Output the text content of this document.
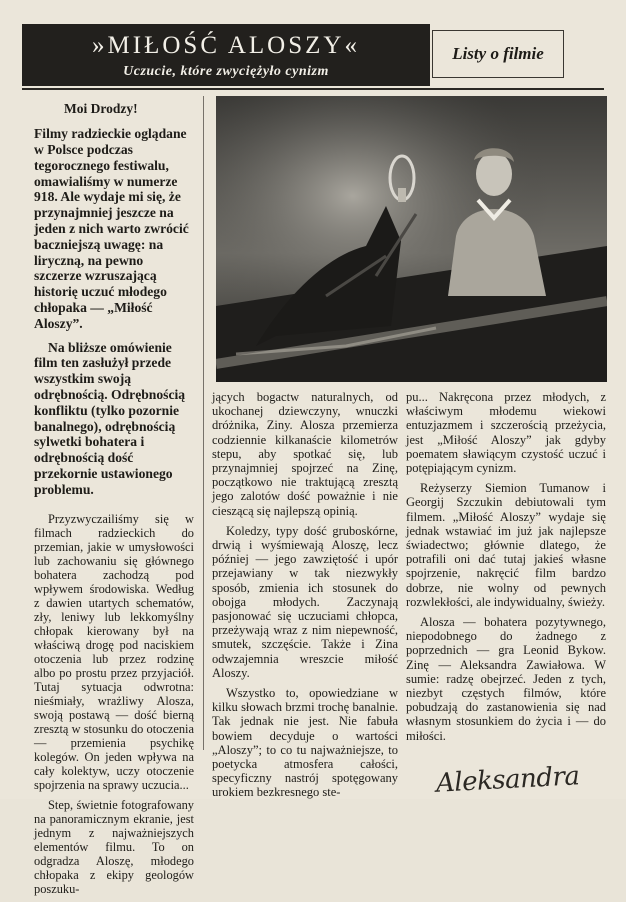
»MIŁOŚĆ ALOSZY«
Uczucie, które zwyciężyło cynizm
Listy o filmie
Moi Drodzy!

Filmy radzieckie oglądane w Polsce podczas tegorocznego festiwalu, omawialiśmy w numerze 918. Ale wydaje mi się, że przynajmniej jeszcze na jeden z nich warto zwrócić baczniejszą uwagę: na liryczną, na pewno szczerze wzruszającą historię uczuć młodego chłopaka — „Miłość Aloszy”.

Na bliższe omówienie film ten zasłużył przede wszystkim swoją odrębnością. Odrębnością konfliktu (tylko pozornie banalnego), odrębnością sylwetki bohatera i odrębnością dość przekornie ustawionego problemu.

Przyzwyczailiśmy się w filmach radzieckich do przemian, jakie w umysłowości lub zachowaniu się głównego bohatera zachodzą pod wpływem środowiska. Według z dawien utartych schematów, zły, leniwy lub lekkomyślny chłopak kierowany był na właściwą drogę pod naciskiem otoczenia lub przez rodzinę albo po prostu przez przyjaciół. Tutaj sytuacja odwrotna: nieśmiały, wrażliwy Alosza, swoją postawą — dość bierną zresztą w stosunku do otoczenia — przemienia psychikę kolegów. On jeden wpływa na cały kolektyw, uczy otoczenie spojrzenia na sprawy uczucia...

Step, świetnie fotografowany na panoramicznym ekranie, jest jednym z najważniejszych elementów filmu. To on odgradza Aloszę, młodego chłopaka z ekipy geologów poszuku-

jących bogactw naturalnych, od ukochanej dziewczyny, wnuczki dróżnika, Ziny. Alosza przemierza codziennie kilkanaście kilometrów stepu, aby spotkać się, lub przynajmniej spojrzeć na Zinę, początkowo nie traktującą zresztą jego zalotów dość poważnie i nie cieszącą się najlepszą opinią.

Koledzy, typy dość gruboskórne, drwią i wyśmiewają Aloszę, lecz później — jego zawziętość i upór przejawiany w tak niezwykły sposób, zmienia ich stosunek do obojga młodych. Zaczynają pasjonować się uczuciami chłopca, przeżywają wraz z nim niepewność, smutek, szczęście. Także i Zina odwzajemnia wreszcie miłość Aloszy.

Wszystko to, opowiedziane w kilku słowach brzmi trochę banalnie. Tak jednak nie jest. Nie fabuła bowiem decyduje o wartości „Aloszy”; to co tu najważniejsze, to poetycka atmosfera całości, specyficzny nastrój spotęgowany urokiem bezkresnego ste-

pu... Nakręcona przez młodych, z właściwym młodemu wiekowi entuzjazmem i szczerością przeżycia, jest „Miłość Aloszy” jak gdyby poematem sławiącym czystość uczuć i potępiającym cynizm.

Reżyserzy Siemion Tumanow i Georgij Szczukin debiutowali tym filmem. „Miłość Aloszy” wydaje się jednak wstawiać im już jak najlepsze świadectwo; głównie dlatego, że potrafili oni dać tutaj jakieś własne spojrzenie, nakręcić film bardzo dobrze, nie wolny od pewnych rozwlekłości, ale indywidualny, świeży.

Alosza — bohatera pozytywnego, niepodobnego do żadnego z poprzednich — gra Leonid Bykow. Zinę — Aleksandra Zawiałowa. W sumie: radzę obejrzeć. Jeden z tych, niezbyt częstych filmów, które pobudzają do zastanowienia się nad własnym stosunkiem do życia i — do miłości.

Aleksandra
